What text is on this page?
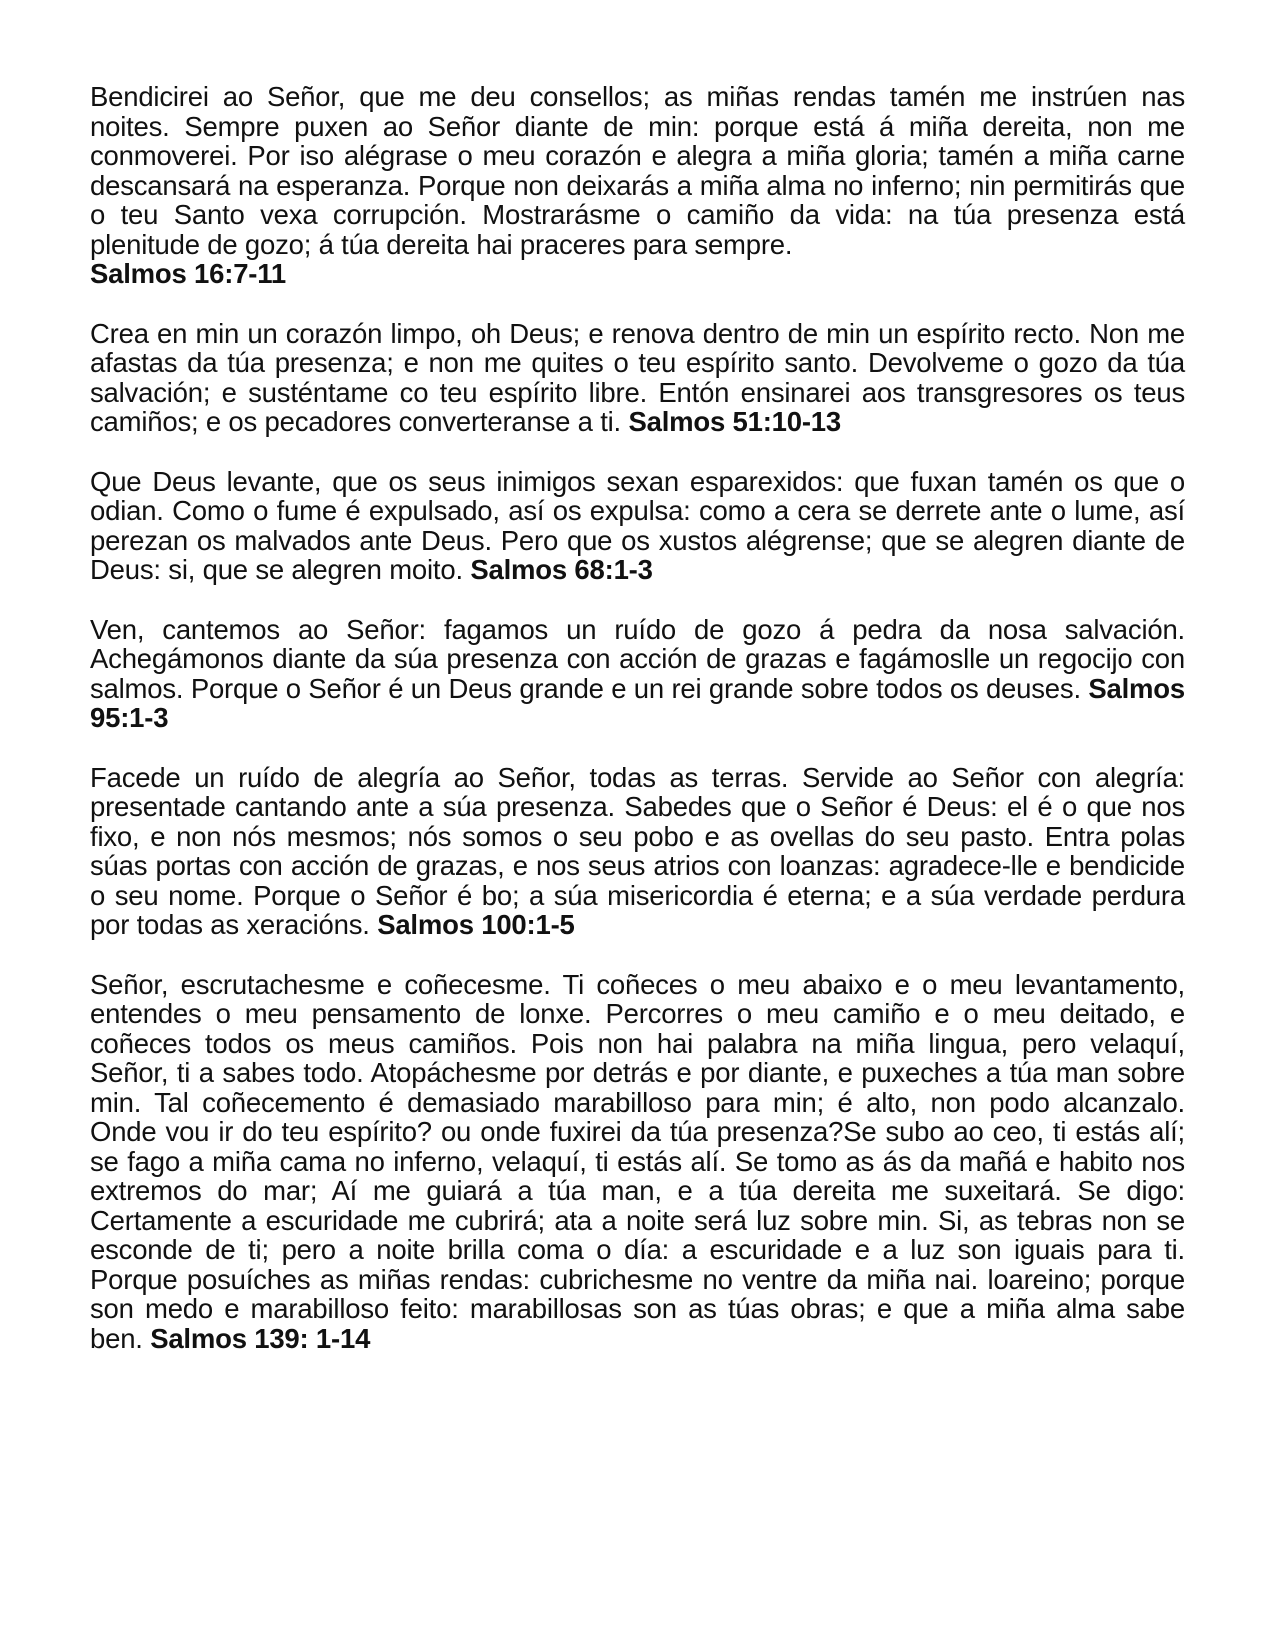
Bendicirei ao Señor, que me deu consellos; as miñas rendas tamén me instrúen nas noites. Sempre puxen ao Señor diante de min: porque está á miña dereita, non me conmoverei. Por iso alégrase o meu corazón e alegra a miña gloria; tamén a miña carne descansará na esperanza. Porque non deixarás a miña alma no inferno; nin permitirás que o teu Santo vexa corrupción. Mostrarásme o camiño da vida: na túa presenza está plenitude de gozo; á túa dereita hai praceres para sempre.
Salmos 16:7-11

Crea en min un corazón limpo, oh Deus; e renova dentro de min un espírito recto. Non me afastas da túa presenza; e non me quites o teu espírito santo. Devolveme o gozo da túa salvación; e susténtame co teu espírito libre. Entón ensinarei aos transgresores os teus camiños; e os pecadores converteranse a ti. Salmos 51:10-13

Que Deus levante, que os seus inimigos sexan esparexidos: que fuxan tamén os que o odian. Como o fume é expulsado, así os expulsa: como a cera se derrete ante o lume, así perezan os malvados ante Deus. Pero que os xustos alégrense; que se alegren diante de Deus: si, que se alegren moito. Salmos 68:1-3

Ven, cantemos ao Señor: fagamos un ruído de gozo á pedra da nosa salvación. Achegámonos diante da súa presenza con acción de grazas e fagámoslle un regocijo con salmos. Porque o Señor é un Deus grande e un rei grande sobre todos os deuses. Salmos 95:1-3

Facede un ruído de alegría ao Señor, todas as terras. Servide ao Señor con alegría: presentade cantando ante a súa presenza. Sabedes que o Señor é Deus: el é o que nos fixo, e non nós mesmos; nós somos o seu pobo e as ovellas do seu pasto. Entra polas súas portas con acción de grazas, e nos seus atrios con loanzas: agradece-lle e bendicide o seu nome. Porque o Señor é bo; a súa misericordia é eterna; e a súa verdade perdura por todas as xeracións. Salmos 100:1-5

Señor, escrutachesme e coñecesme. Ti coñeces o meu abaixo e o meu levantamento, entendes o meu pensamento de lonxe. Percorres o meu camiño e o meu deitado, e coñeces todos os meus camiños. Pois non hai palabra na miña lingua, pero velaquí, Señor, ti a sabes todo. Atopáchesme por detrás e por diante, e puxeches a túa man sobre min. Tal coñecemento é demasiado marabilloso para min; é alto, non podo alcanzalo. Onde vou ir do teu espírito? ou onde fuxirei da túa presenza?Se subo ao ceo, ti estás alí; se fago a miña cama no inferno, velaquí, ti estás alí. Se tomo as ás da mañá e habito nos extremos do mar; Aí me guiará a túa man, e a túa dereita me suxeitará. Se digo: Certamente a escuridade me cubrirá; ata a noite será luz sobre min. Si, as tebras non se esconde de ti; pero a noite brilla coma o día: a escuridade e a luz son iguais para ti. Porque posuíches as miñas rendas: cubrichesme no ventre da miña nai. loareino; porque son medo e marabilloso feito: marabillosas son as túas obras; e que a miña alma sabe ben. Salmos 139: 1-14
